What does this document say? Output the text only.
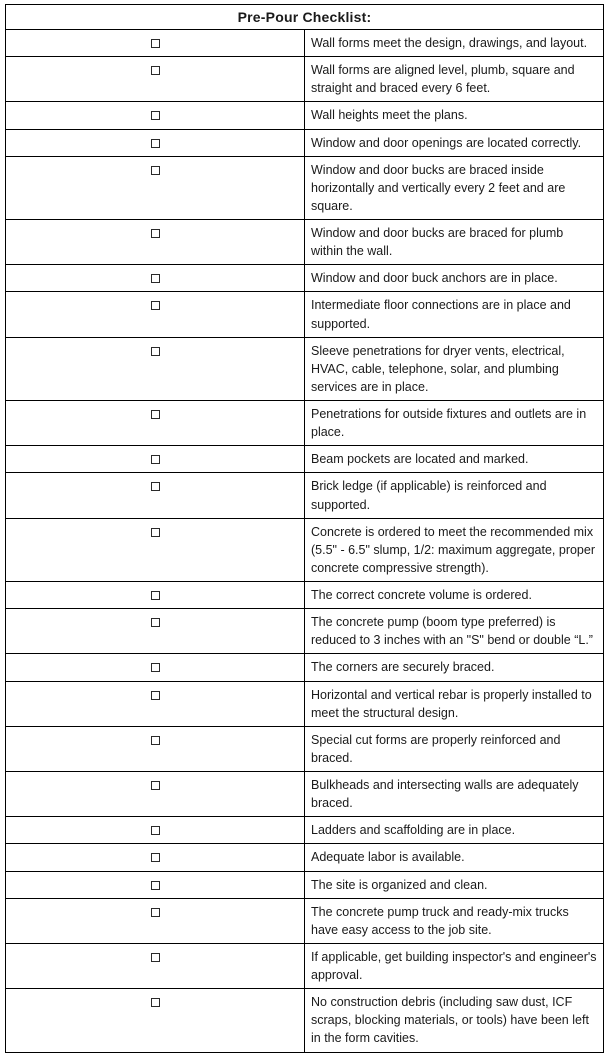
Pre-Pour Checklist:	
	Wall forms meet the design, drawings, and layout.
	Wall forms are aligned level, plumb, square and straight and braced every 6 feet.
	Wall heights meet the plans.
	Window and door openings are located correctly.
	Window and door bucks are braced inside horizontally and vertically every 2 feet and are square.
	Window and door bucks are braced for plumb within the wall.
	Window and door buck anchors are in place.
	Intermediate floor connections are in place and supported.
	Sleeve penetrations for dryer vents, electrical, HVAC, cable, telephone, solar, and plumbing services are in place.
	Penetrations for outside fixtures and outlets are in place.
	Beam pockets are located and marked.
	Brick ledge (if applicable) is reinforced and supported.
	Concrete is ordered to meet the recommended mix (5.5" - 6.5" slump, 1/2: maximum aggregate, proper concrete compressive strength).
	The correct concrete volume is ordered.
	The concrete pump (boom type preferred) is reduced to 3 inches with an "S" bend or double “L.”
	The corners are securely braced.
	Horizontal and vertical rebar is properly installed to meet the structural design.
	Special cut forms are properly reinforced and braced.
	Bulkheads and intersecting walls are adequately braced.
	Ladders and scaffolding are in place.
	Adequate labor is available.
	The site is organized and clean.
	The concrete pump truck and ready-mix trucks have easy access to the job site.
	If applicable, get building inspector's and engineer's approval.
	No construction debris (including saw dust, ICF scraps, blocking materials, or tools) have been left in the form cavities.
